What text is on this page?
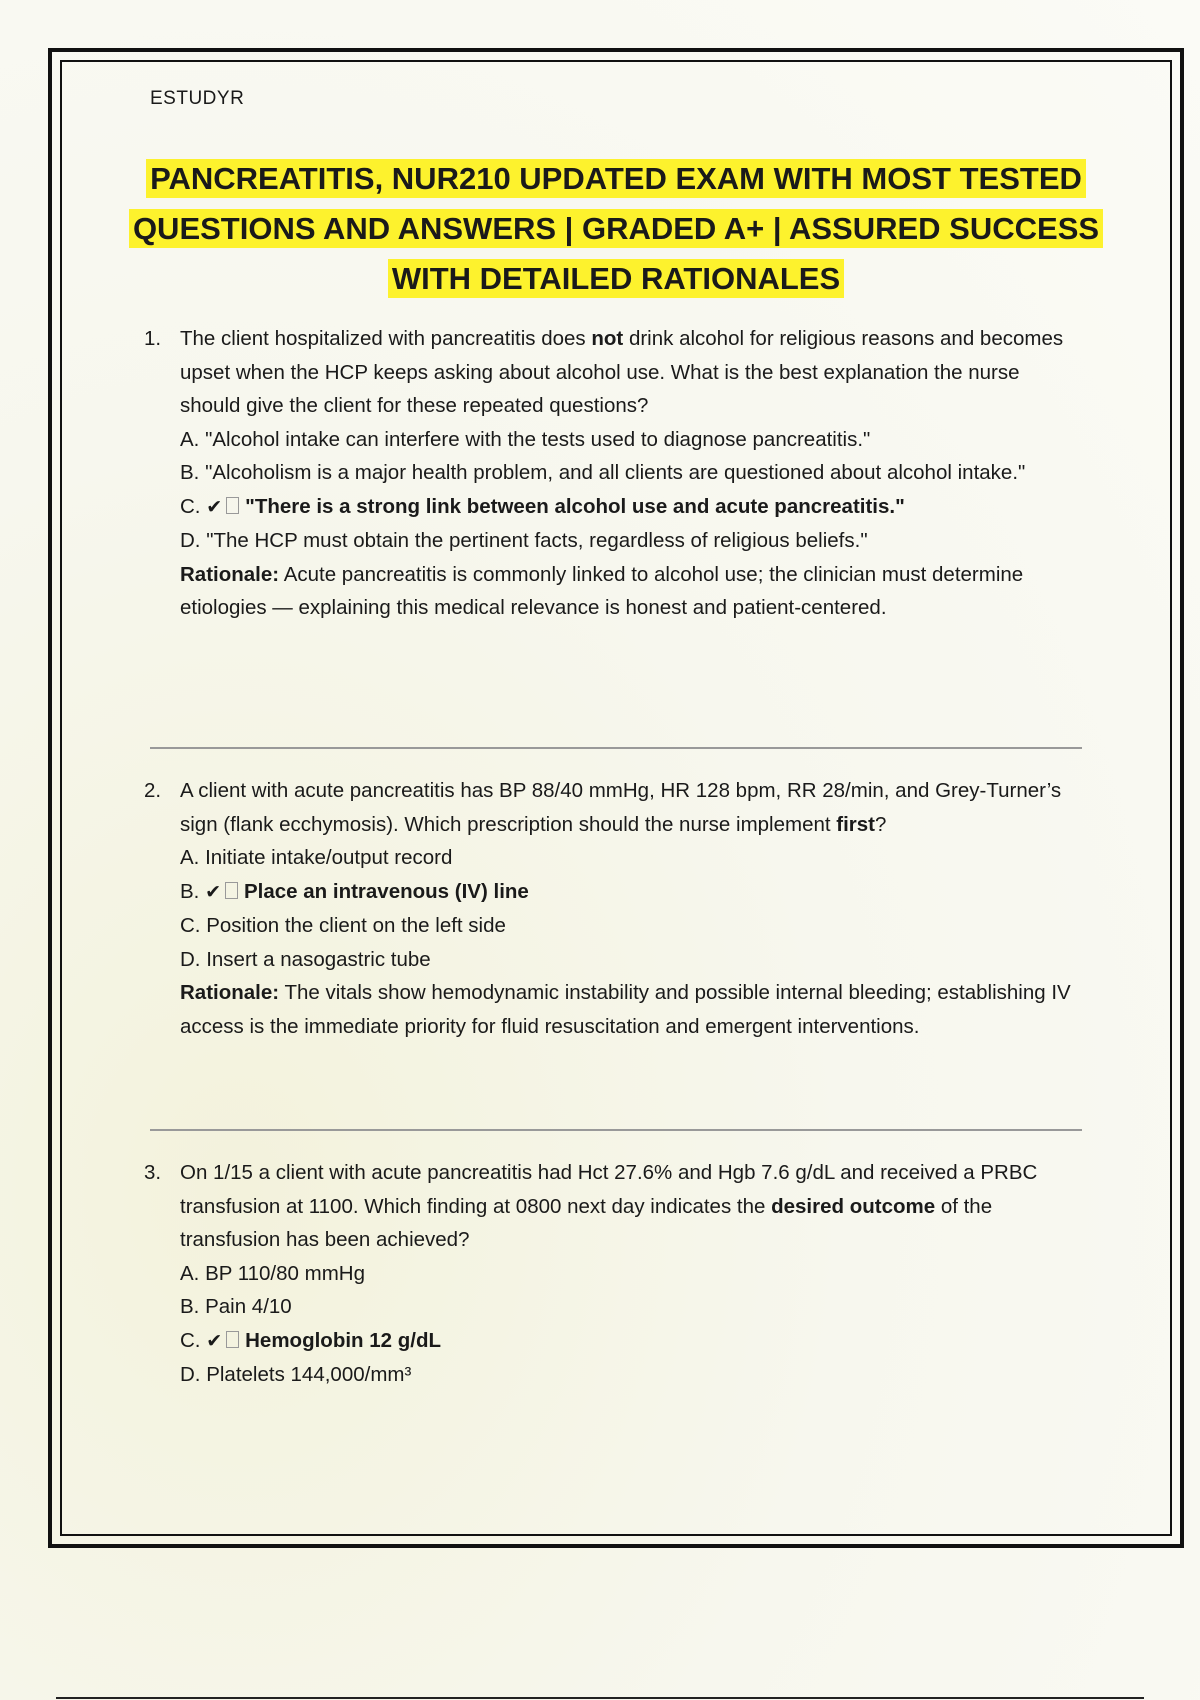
ESTUDYR
PANCREATITIS, NUR210 UPDATED EXAM WITH MOST TESTED
QUESTIONS AND ANSWERS | GRADED A+ | ASSURED SUCCESS
WITH DETAILED RATIONALES
1. The client hospitalized with pancreatitis does not drink alcohol for religious reasons and becomes upset when the HCP keeps asking about alcohol use. What is the best explanation the nurse should give the client for these repeated questions?

A. "Alcohol intake can interfere with the tests used to diagnose pancreatitis."
B. "Alcoholism is a major health problem, and all clients are questioned about alcohol intake."
C. ✔ "There is a strong link between alcohol use and acute pancreatitis."
D. "The HCP must obtain the pertinent facts, regardless of religious beliefs."

Rationale: Acute pancreatitis is commonly linked to alcohol use; the clinician must determine etiologies — explaining this medical relevance is honest and patient-centered.

2. A client with acute pancreatitis has BP 88/40 mmHg, HR 128 bpm, RR 28/min, and Grey-Turner’s sign (flank ecchymosis). Which prescription should the nurse implement first?

A. Initiate intake/output record
B. ✔ Place an intravenous (IV) line
C. Position the client on the left side
D. Insert a nasogastric tube

Rationale: The vitals show hemodynamic instability and possible internal bleeding; establishing IV access is the immediate priority for fluid resuscitation and emergent interventions.

3. On 1/15 a client with acute pancreatitis had Hct 27.6% and Hgb 7.6 g/dL and received a PRBC transfusion at 1100. Which finding at 0800 next day indicates the desired outcome of the transfusion has been achieved?

A. BP 110/80 mmHg
B. Pain 4/10
C. ✔ Hemoglobin 12 g/dL
D. Platelets 144,000/mm³
